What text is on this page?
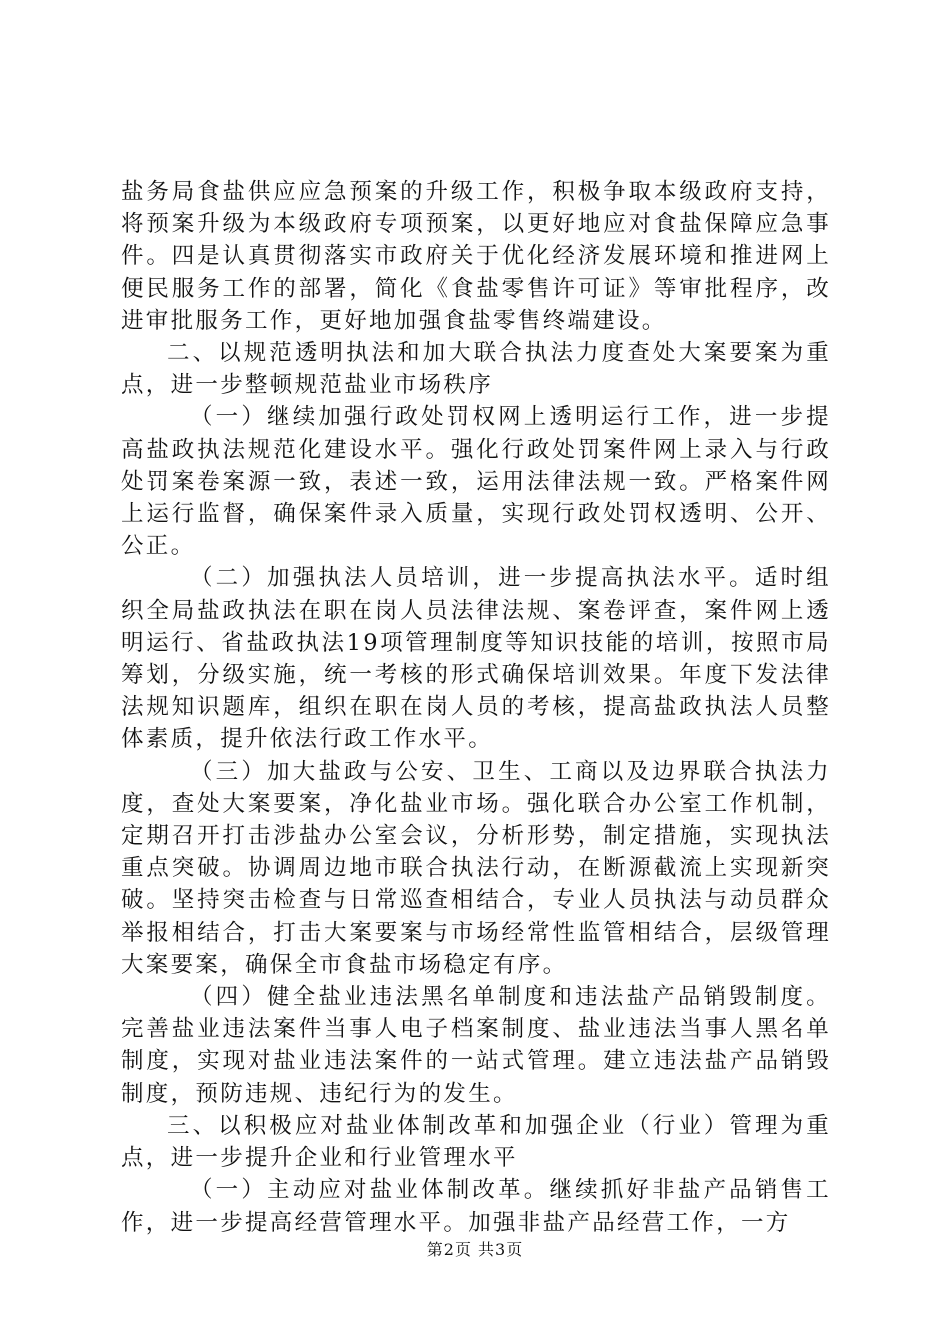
盐务局食盐供应应急预案的升级工作，积极争取本级政府支持，将预案升级为本级政府专项预案，以更好地应对食盐保障应急事件。四是认真贯彻落实市政府关于优化经济发展环境和推进网上便民服务工作的部署，简化《食盐零售许可证》等审批程序，改进审批服务工作，更好地加强食盐零售终端建设。

二、以规范透明执法和加大联合执法力度查处大案要案为重点，进一步整顿规范盐业市场秩序

（一）继续加强行政处罚权网上透明运行工作，进一步提高盐政执法规范化建设水平。强化行政处罚案件网上录入与行政处罚案卷案源一致，表述一致，运用法律法规一致。严格案件网上运行监督，确保案件录入质量，实现行政处罚权透明、公开、公正。

（二）加强执法人员培训，进一步提高执法水平。适时组织全局盐政执法在职在岗人员法律法规、案卷评查，案件网上透明运行、省盐政执法19项管理制度等知识技能的培训，按照市局筹划，分级实施，统一考核的形式确保培训效果。年度下发法律法规知识题库，组织在职在岗人员的考核，提高盐政执法人员整体素质，提升依法行政工作水平。

（三）加大盐政与公安、卫生、工商以及边界联合执法力度，查处大案要案，净化盐业市场。强化联合办公室工作机制，定期召开打击涉盐办公室会议，分析形势，制定措施，实现执法重点突破。协调周边地市联合执法行动，在断源截流上实现新突破。坚持突击检查与日常巡查相结合，专业人员执法与动员群众举报相结合，打击大案要案与市场经常性监管相结合，层级管理大案要案，确保全市食盐市场稳定有序。

（四）健全盐业违法黑名单制度和违法盐产品销毁制度。完善盐业违法案件当事人电子档案制度、盐业违法当事人黑名单制度，实现对盐业违法案件的一站式管理。建立违法盐产品销毁制度，预防违规、违纪行为的发生。

三、以积极应对盐业体制改革和加强企业（行业）管理为重点，进一步提升企业和行业管理水平

（一）主动应对盐业体制改革。继续抓好非盐产品销售工作，进一步提高经营管理水平。加强非盐产品经营工作，一方

第2页 共3页
